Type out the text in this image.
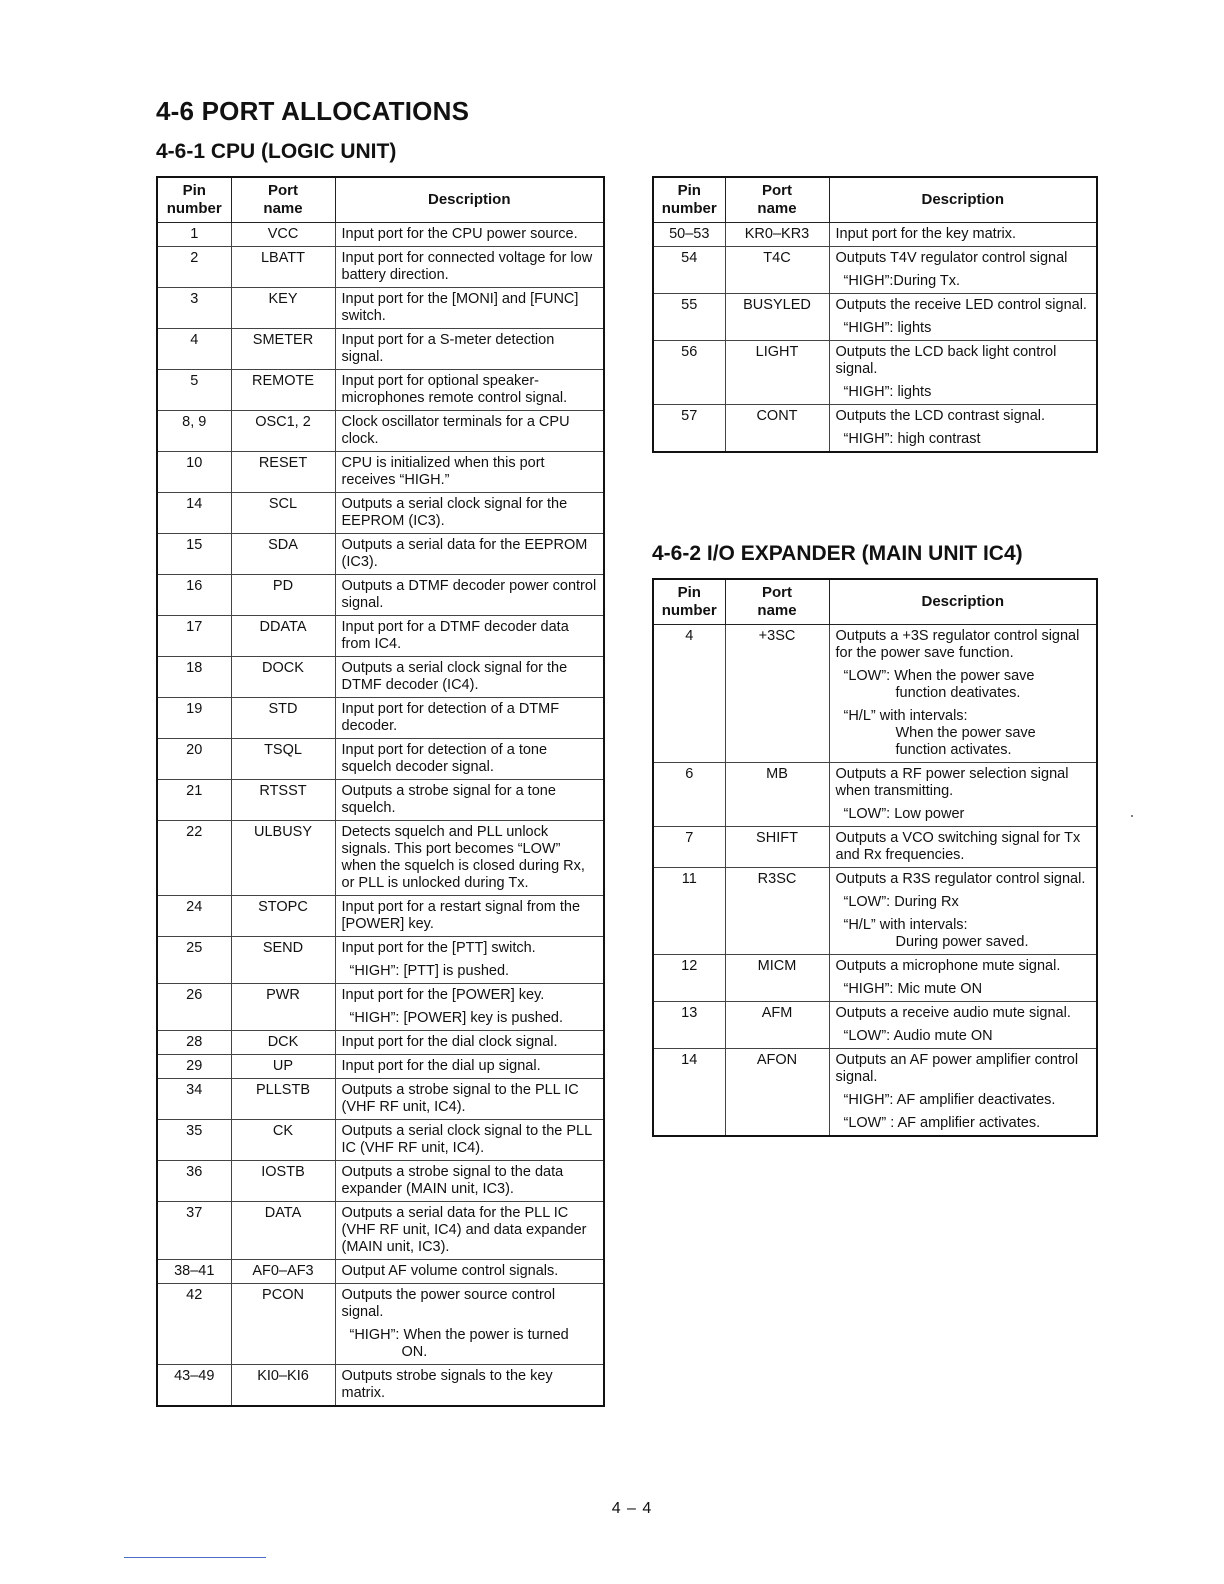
4-6 PORT ALLOCATIONS
4-6-1 CPU (LOGIC UNIT)
4-6-2 I/O EXPANDER (MAIN UNIT IC4)
Pin
number	Port
name	Description
1	VCC	Input port for the CPU power source.
2	LBATT	Input port for connected voltage for low battery direction.
3	KEY	Input port for the [MONI] and [FUNC] switch.
4	SMETER	Input port for a S-meter detection signal.
5	REMOTE	Input port for optional speaker-microphones remote control signal.
8, 9	OSC1, 2	Clock oscillator terminals for a CPU clock.
10	RESET	CPU is initialized when this port receives “HIGH.”
14	SCL	Outputs a serial clock signal for the EEPROM (IC3).
15	SDA	Outputs a serial data for the EEPROM (IC3).
16	PD	Outputs a DTMF decoder power control signal.
17	DDATA	Input port for a DTMF decoder data from IC4.
18	DOCK	Outputs a serial clock signal for the DTMF decoder (IC4).
19	STD	Input port for detection of a DTMF decoder.
20	TSQL	Input port for detection of a tone squelch decoder signal.
21	RTSST	Outputs a strobe signal for a tone squelch.
22	ULBUSY	Detects squelch and PLL unlock signals. This port becomes “LOW” when the squelch is closed during Rx, or PLL is unlocked during Tx.
24	STOPC	Input port for a restart signal from the [POWER] key.
25	SEND	Input port for the [PTT] switch.
“HIGH”: [PTT] is pushed.

26	PWR	Input port for the [POWER] key.
“HIGH”: [POWER] key is pushed.

28	DCK	Input port for the dial clock signal.
29	UP	Input port for the dial up signal.
34	PLLSTB	Outputs a strobe signal to the PLL IC (VHF RF unit, IC4).
35	CK	Outputs a serial clock signal to the PLL IC (VHF RF unit, IC4).
36	IOSTB	Outputs a strobe signal to the data expander (MAIN unit, IC3).
37	DATA	Outputs a serial data for the PLL IC (VHF RF unit, IC4) and data expander (MAIN unit, IC3).
38–41	AF0–AF3	Output AF volume control signals.
42	PCON	Outputs the power source control signal.
“HIGH”: When the power is turned
ON.

43–49	KI0–KI6	Outputs strobe signals to the key matrix.
Pin
number	Port
name	Description
50–53	KR0–KR3	Input port for the key matrix.
54	T4C	Outputs T4V regulator control signal
“HIGH”:During Tx.

55	BUSYLED	Outputs the receive LED control signal.
“HIGH”: lights

56	LIGHT	Outputs the LCD back light control signal.
“HIGH”: lights

57	CONT	Outputs the LCD contrast signal.
“HIGH”: high contrast
Pin
number	Port
name	Description
4	+3SC	Outputs a +3S regulator control signal for the power save function.
“LOW”: When the power save
function deativates.
“H/L” with intervals:
When the power save function activates.

6	MB	Outputs a RF power selection signal when transmitting.
“LOW”: Low power

7	SHIFT	Outputs a VCO switching signal for Tx and Rx frequencies.
11	R3SC	Outputs a R3S regulator control signal.
“LOW”: During Rx
“H/L” with intervals:
During power saved.

12	MICM	Outputs a microphone mute signal.
“HIGH”: Mic mute ON

13	AFM	Outputs a receive audio mute signal.
“LOW”: Audio mute ON

14	AFON	Outputs an AF power amplifier control signal.
“HIGH”: AF amplifier deactivates.
“LOW” : AF amplifier activates.
4 – 4
